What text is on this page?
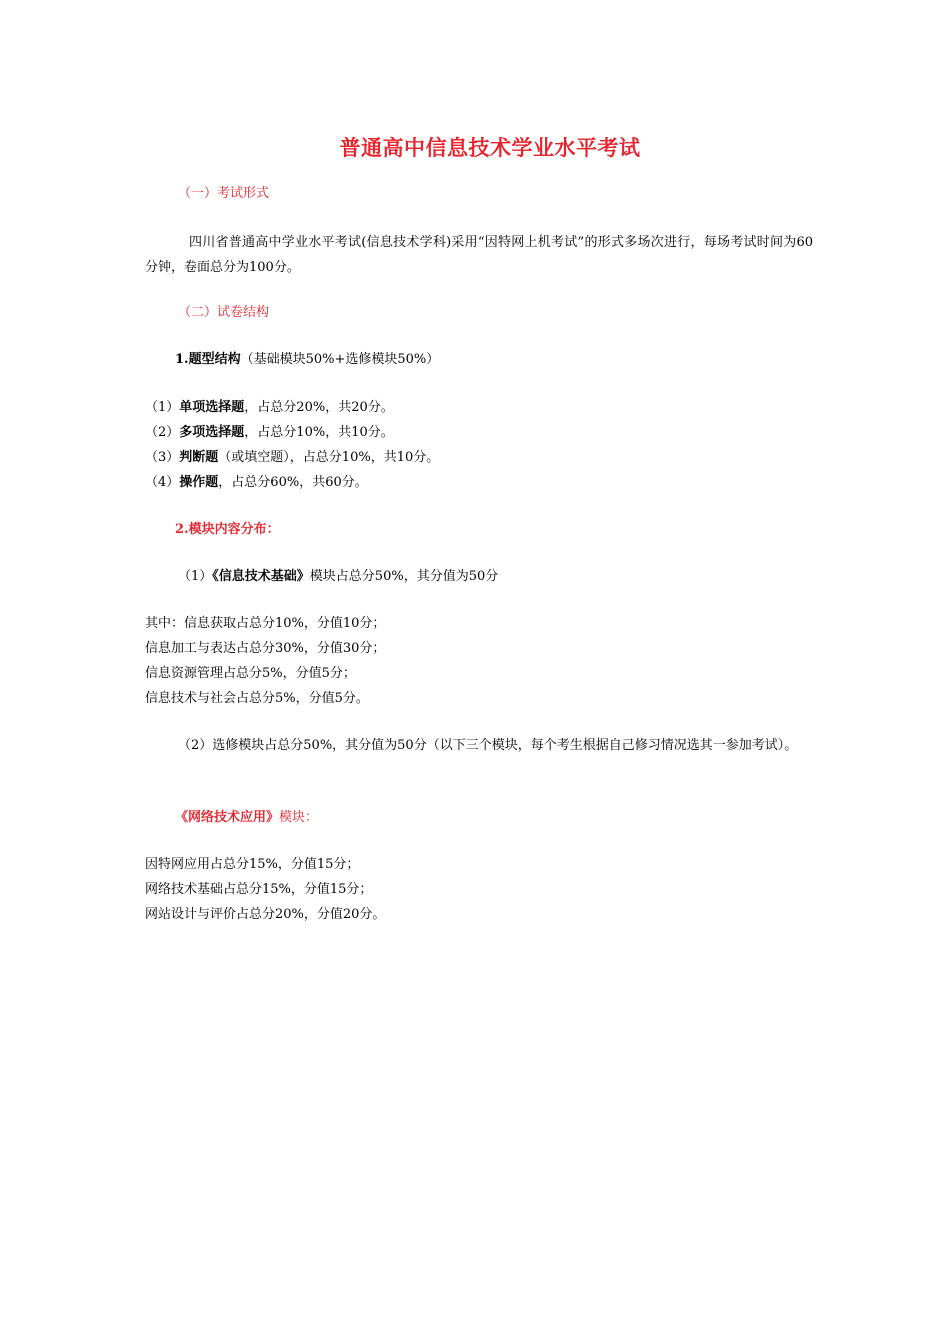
普通高中信息技术学业水平考试
（一）考试形式
四川省普通高中学业水平考试(信息技术学科)采用“因特网上机考试”的形式多场次进行，每场考试时间为60分钟，卷面总分为100分。
（二）试卷结构
1.题型结构（基础模块50%+选修模块50%）
（1）单项选择题，占总分20%，共20分。
（2）多项选择题，占总分10%，共10分。
（3）判断题（或填空题），占总分10%，共10分。
（4）操作题，占总分60%，共60分。
2.模块内容分布：
（1）《信息技术基础》模块占总分50%，其分值为50分
其中：信息获取占总分10%，分值10分；
信息加工与表达占总分30%，分值30分；
信息资源管理占总分5%，分值5分；
信息技术与社会占总分5%，分值5分。
（2）选修模块占总分50%，其分值为50分（以下三个模块，每个考生根据自己修习情况选其一参加考试）。
《网络技术应用》模块：
因特网应用占总分15%，分值15分；
网络技术基础占总分15%，分值15分；
网站设计与评价占总分20%，分值20分。
